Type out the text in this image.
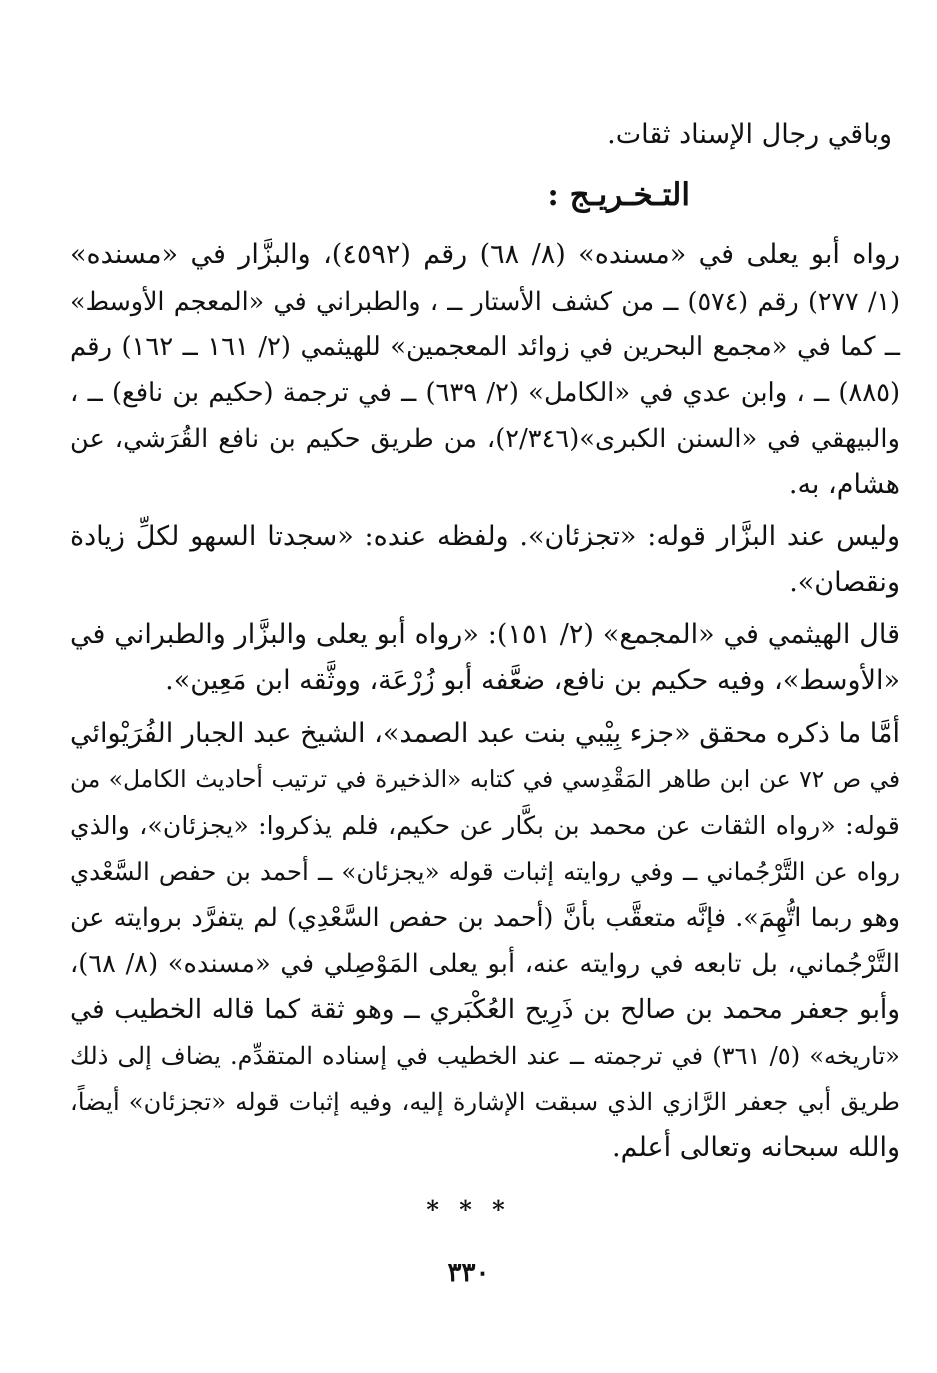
وباقي رجال الإسناد ثقات.
التـخـريـج :
رواه أبو يعلى في «مسنده» (٨/ ٦٨) رقم (٤٥٩٢)، والبزَّار في «مسنده»
(١/ ٢٧٧) رقم (٥٧٤) ــ من كشف الأستار ــ ، والطبراني في «المعجم الأوسط»
ــ كما في «مجمع البحرين في زوائد المعجمين» للهيثمي (٢/ ١٦١ ــ ١٦٢) رقم
(٨٨٥) ــ ، وابن عدي في «الكامل» (٢/ ٦٣٩) ــ في ترجمة (حكيم بن نافع) ــ ،
والبيهقي في «السنن الكبرى»(٢/٣٤٦)، من طريق حكيم بن نافع القُرَشي، عن
هشام، به.
وليس عند البزَّار قوله: «تجزئان». ولفظه عنده: «سجدتا السهو لكلِّ زيادة
ونقصان».
قال الهيثمي في «المجمع» (٢/ ١٥١): «رواه أبو يعلى والبزَّار والطبراني في
«الأوسط»، وفيه حكيم بن نافع، ضعَّفه أبو زُرْعَة، ووثَّقه ابن مَعِين».
أمَّا ما ذكره محقق «جزء بِيْبي بنت عبد الصمد»، الشيخ عبد الجبار الفُرَيْوائي
في ص ٧٢ عن ابن طاهر المَقْدِسي في كتابه «الذخيرة في ترتيب أحاديث الكامل» من
قوله: «رواه الثقات عن محمد بن بكَّار عن حكيم، فلم يذكروا: «يجزئان»، والذي
رواه عن التَّرْجُماني ــ وفي روايته إثبات قوله «يجزئان» ــ أحمد بن حفص السَّعْدي
وهو ربما اتُّهِمَ». فإنَّه متعقَّب بأنَّ (أحمد بن حفص السَّعْدِي) لم يتفرَّد بروايته عن
التَّرْجُماني، بل تابعه في روايته عنه، أبو يعلى المَوْصِلي في «مسنده» (٨/ ٦٨)،
وأبو جعفر محمد بن صالح بن ذَرِيح العُكْبَري ــ وهو ثقة كما قاله الخطيب في
«تاريخه» (٥/ ٣٦١) في ترجمته ــ عند الخطيب في إسناده المتقدِّم. يضاف إلى ذلك
طريق أبي جعفر الرَّازي الذي سبقت الإشارة إليه، وفيه إثبات قوله «تجزئان» أيضاً،
والله سبحانه وتعالى أعلم.
* * *
٣٣٠
